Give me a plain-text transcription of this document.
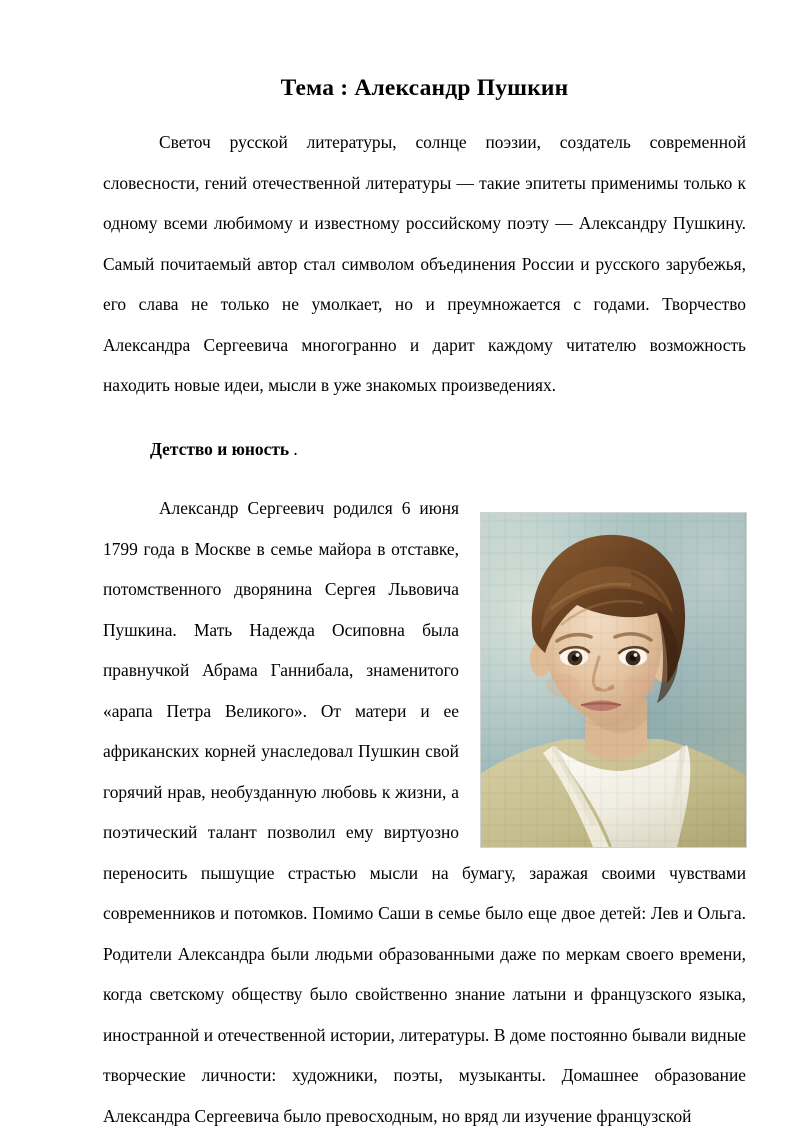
Тема : Александр Пушкин

Светоч русской литературы, солнце поэзии, создатель современной словесности, гений отечественной литературы — такие эпитеты применимы только к одному всеми любимому и известному российскому поэту — Александру Пушкину. Самый почитаемый автор стал символом объединения России и русского зарубежья, его слава не только не умолкает, но и преумножается с годами. Творчество Александра Сергеевича многогранно и дарит каждому читателю возможность находить новые идеи, мысли в уже знакомых произведениях.

Детство и юность .

Александр Сергеевич родился 6 июня 1799 года в Москве в семье майора в отставке, потомственного дворянина Сергея Львовича Пушкина. Мать Надежда Осиповна была правнучкой Абрама Ганнибала, знаменитого «арапа Петра Великого». От матери и ее африканских корней унаследовал Пушкин свой горячий нрав, необузданную любовь к жизни, а поэтический талант позволил ему виртуозно переносить пышущие страстью мысли на бумагу, заражая своими чувствами современников и потомков. Помимо Саши в семье было еще двое детей: Лев и Ольга. Родители Александра были людьми образованными даже по меркам своего времени, когда светскому обществу было свойственно знание латыни и французского языка, иностранной и отечественной истории, литературы. В доме постоянно бывали видные творческие личности: художники, поэты, музыканты. Домашнее образование Александра Сергеевича было превосходным, но вряд ли изучение французской
